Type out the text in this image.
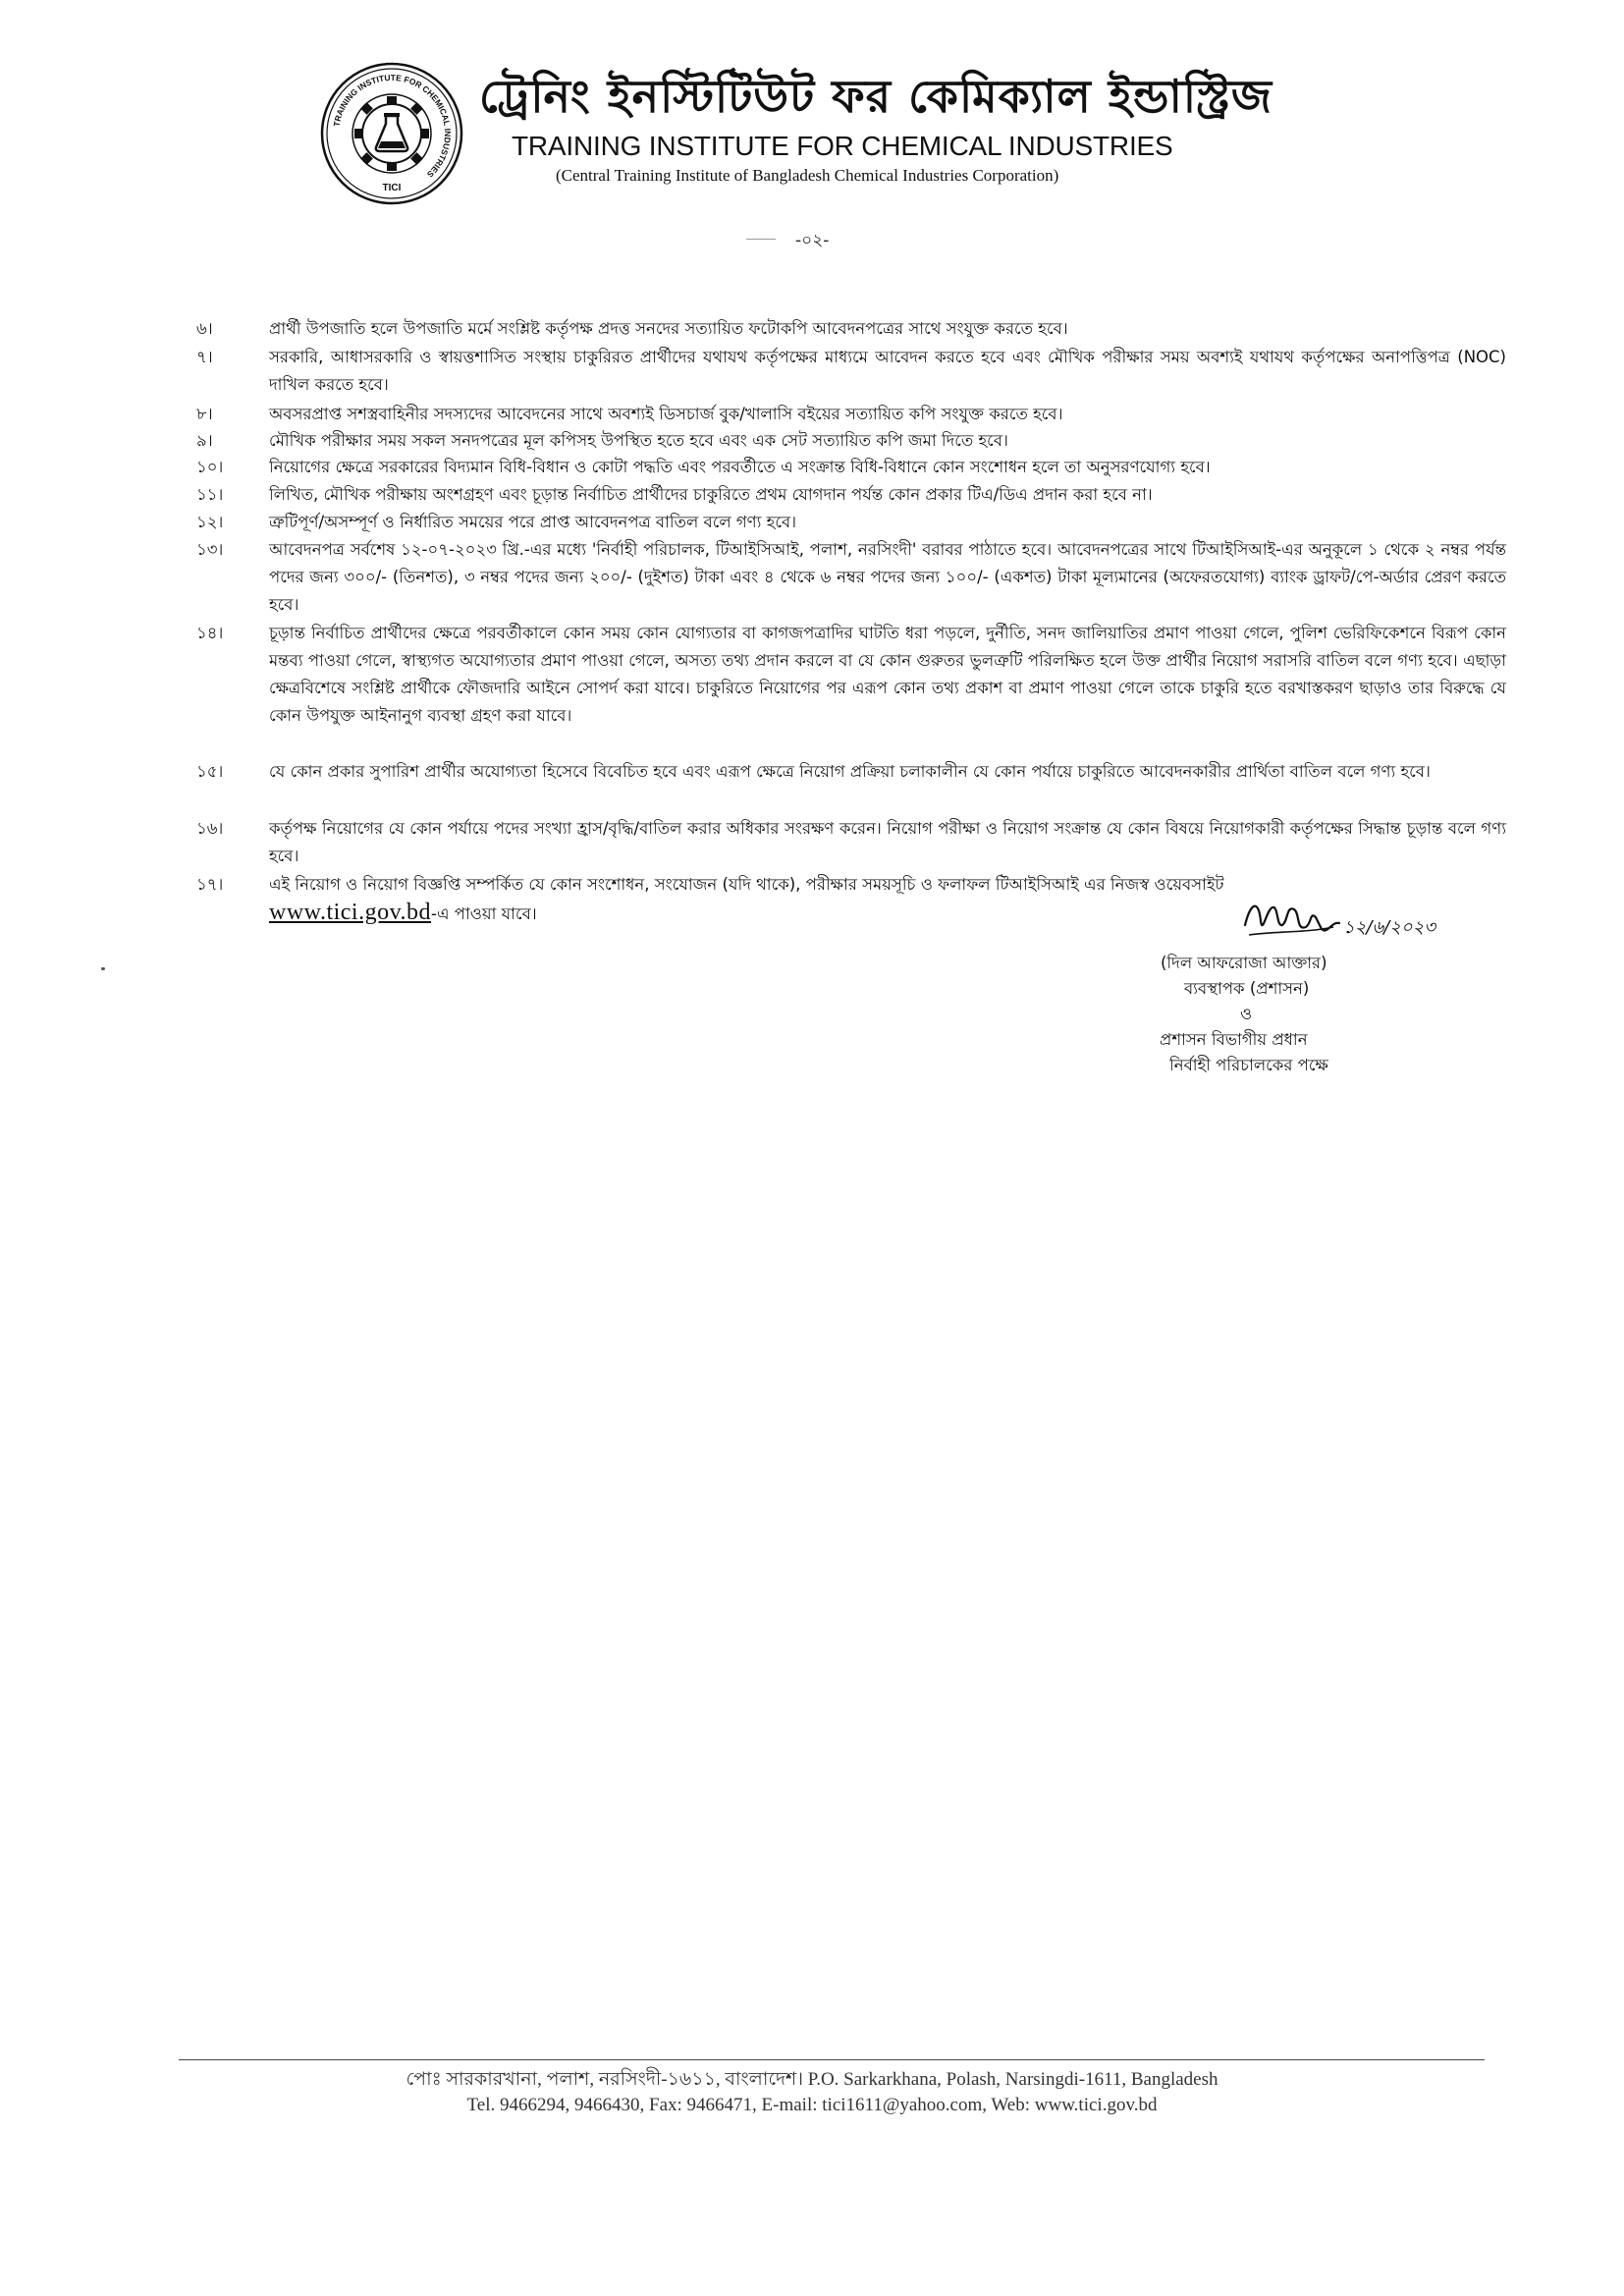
TRAINING INSTITUTE FOR CHEMICAL INDUSTRIES
TICI
ট্রেনিং ইনস্টিটিউট ফর কেমিক্যাল ইন্ডাস্ট্রিজ
TRAINING INSTITUTE FOR CHEMICAL INDUSTRIES
(Central Training Institute of Bangladesh Chemical Industries Corporation)
-০২-
৬।	প্রার্থী উপজাতি হলে উপজাতি মর্মে সংশ্লিষ্ট কর্তৃপক্ষ প্রদত্ত সনদের সত্যায়িত ফটোকপি আবেদনপত্রের সাথে সংযুক্ত করতে হবে।
৭।	সরকারি, আধাসরকারি ও স্বায়ত্তশাসিত সংস্থায় চাকুরিরত প্রার্থীদের যথাযথ কর্তৃপক্ষের মাধ্যমে আবেদন করতে হবে এবং মৌখিক পরীক্ষার সময় অবশ্যই যথাযথ কর্তৃপক্ষের অনাপত্তিপত্র (NOC) দাখিল করতে হবে।
৮।	অবসরপ্রাপ্ত সশস্ত্রবাহিনীর সদস্যদের আবেদনের সাথে অবশ্যই ডিসচার্জ বুক/খালাসি বইয়ের সত্যায়িত কপি সংযুক্ত করতে হবে।
৯।	মৌখিক পরীক্ষার সময় সকল সনদপত্রের মূল কপিসহ উপস্থিত হতে হবে এবং এক সেট সত্যায়িত কপি জমা দিতে হবে।
১০।	নিয়োগের ক্ষেত্রে সরকারের বিদ্যমান বিধি-বিধান ও কোটা পদ্ধতি এবং পরবর্তীতে এ সংক্রান্ত বিধি-বিধানে কোন সংশোধন হলে তা অনুসরণযোগ্য হবে।
১১।	লিখিত, মৌখিক পরীক্ষায় অংশগ্রহণ এবং চূড়ান্ত নির্বাচিত প্রার্থীদের চাকুরিতে প্রথম যোগদান পর্যন্ত কোন প্রকার টিএ/ডিএ প্রদান করা হবে না।
১২।	ত্রুটিপূর্ণ/অসম্পূর্ণ ও নির্ধারিত সময়ের পরে প্রাপ্ত আবেদনপত্র বাতিল বলে গণ্য হবে।
১৩।	আবেদনপত্র সর্বশেষ ১২-০৭-২০২৩ খ্রি.-এর মধ্যে 'নির্বাহী পরিচালক, টিআইসিআই, পলাশ, নরসিংদী' বরাবর পাঠাতে হবে। আবেদনপত্রের সাথে টিআইসিআই-এর অনুকূলে ১ থেকে ২ নম্বর পর্যন্ত পদের জন্য ৩০০/- (তিনশত), ৩ নম্বর পদের জন্য ২০০/- (দুইশত) টাকা এবং ৪ থেকে ৬ নম্বর পদের জন্য ১০০/- (একশত) টাকা মূল্যমানের (অফেরতযোগ্য) ব্যাংক ড্রাফট/পে-অর্ডার প্রেরণ করতে হবে।
১৪।	চূড়ান্ত নির্বাচিত প্রার্থীদের ক্ষেত্রে পরবর্তীকালে কোন সময় কোন যোগ্যতার বা কাগজপত্রাদির ঘাটতি ধরা পড়লে, দুর্নীতি, সনদ জালিয়াতির প্রমাণ পাওয়া গেলে, পুলিশ ভেরিফিকেশনে বিরূপ কোন মন্তব্য পাওয়া গেলে, স্বাস্থ্যগত অযোগ্যতার প্রমাণ পাওয়া গেলে, অসত্য তথ্য প্রদান করলে বা যে কোন গুরুতর ভুলত্রুটি পরিলক্ষিত হলে উক্ত প্রার্থীর নিয়োগ সরাসরি বাতিল বলে গণ্য হবে। এছাড়া ক্ষেত্রবিশেষে সংশ্লিষ্ট প্রার্থীকে ফৌজদারি আইনে সোপর্দ করা যাবে। চাকুরিতে নিয়োগের পর এরূপ কোন তথ্য প্রকাশ বা প্রমাণ পাওয়া গেলে তাকে চাকুরি হতে বরখাস্তকরণ ছাড়াও তার বিরুদ্ধে যে কোন উপযুক্ত আইনানুগ ব্যবস্থা গ্রহণ করা যাবে।
১৫।	যে কোন প্রকার সুপারিশ প্রার্থীর অযোগ্যতা হিসেবে বিবেচিত হবে এবং এরূপ ক্ষেত্রে নিয়োগ প্রক্রিয়া চলাকালীন যে কোন পর্যায়ে চাকুরিতে আবেদনকারীর প্রার্থিতা বাতিল বলে গণ্য হবে।
১৬।	কর্তৃপক্ষ নিয়োগের যে কোন পর্যায়ে পদের সংখ্যা হ্রাস/বৃদ্ধি/বাতিল করার অধিকার সংরক্ষণ করেন। নিয়োগ পরীক্ষা ও নিয়োগ সংক্রান্ত যে কোন বিষয়ে নিয়োগকারী কর্তৃপক্ষের সিদ্ধান্ত চূড়ান্ত বলে গণ্য হবে।
১৭।	এই নিয়োগ ও নিয়োগ বিজ্ঞপ্তি সম্পর্কিত যে কোন সংশোধন, সংযোজন (যদি থাকে), পরীক্ষার সময়সূচি ও ফলাফল টিআইসিআই এর নিজস্ব ওয়েবসাইট
www.tici.gov.bd-এ পাওয়া যাবে।
১২/৬/২০২৩
(দিল আফরোজা আক্তার)
ব্যবস্থাপক (প্রশাসন)
ও
প্রশাসন বিভাগীয় প্রধান
নির্বাহী পরিচালকের পক্ষে
পোঃ সারকারখানা, পলাশ, নরসিংদী-১৬১১, বাংলাদেশ। P.O. Sarkarkhana, Polash, Narsingdi-1611, Bangladesh
Tel. 9466294, 9466430, Fax: 9466471, E-mail: tici1611@yahoo.com, Web: www.tici.gov.bd
